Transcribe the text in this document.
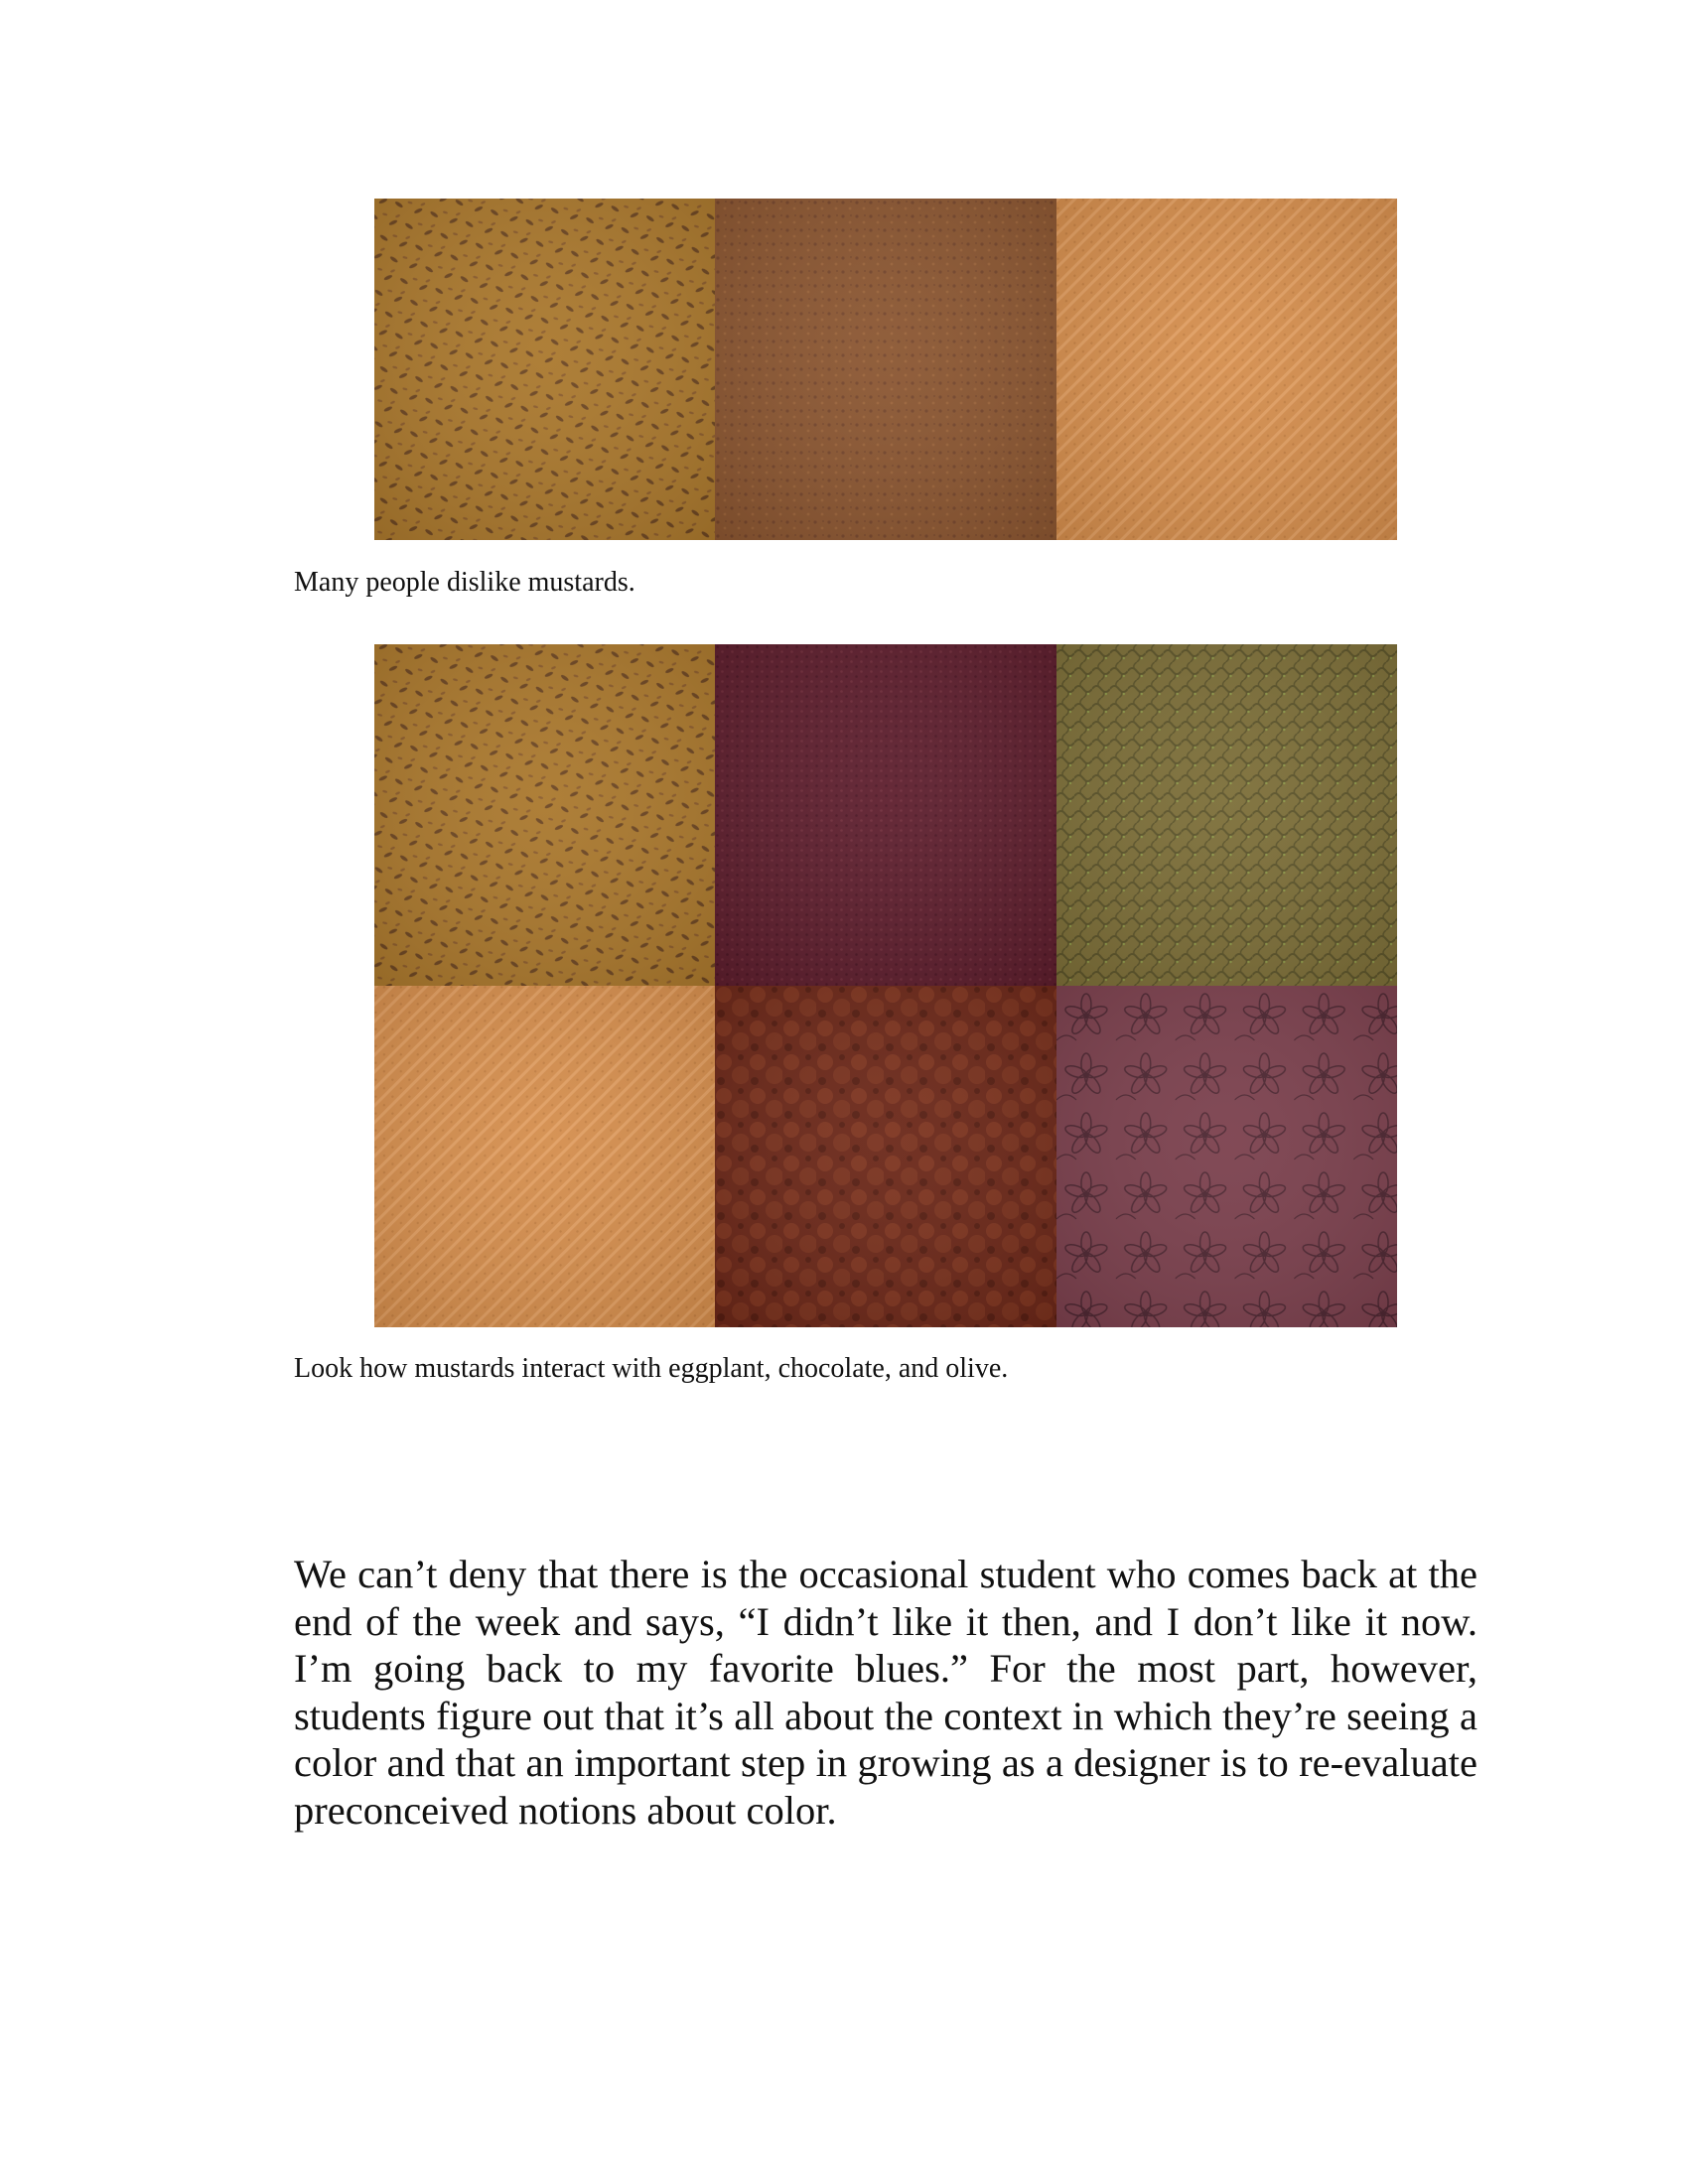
Many people dislike mustards.

Look how mustards interact with eggplant, chocolate, and olive.

We can’t deny that there is the occasional student who comes back at the end of the week and says, “I didn’t like it then, and I don’t like it now. I’m going back to my favorite blues.” For the most part, however, students figure out that it’s all about the context in which they’re seeing a color and that an important step in growing as a designer is to re-evaluate preconceived notions about color.
